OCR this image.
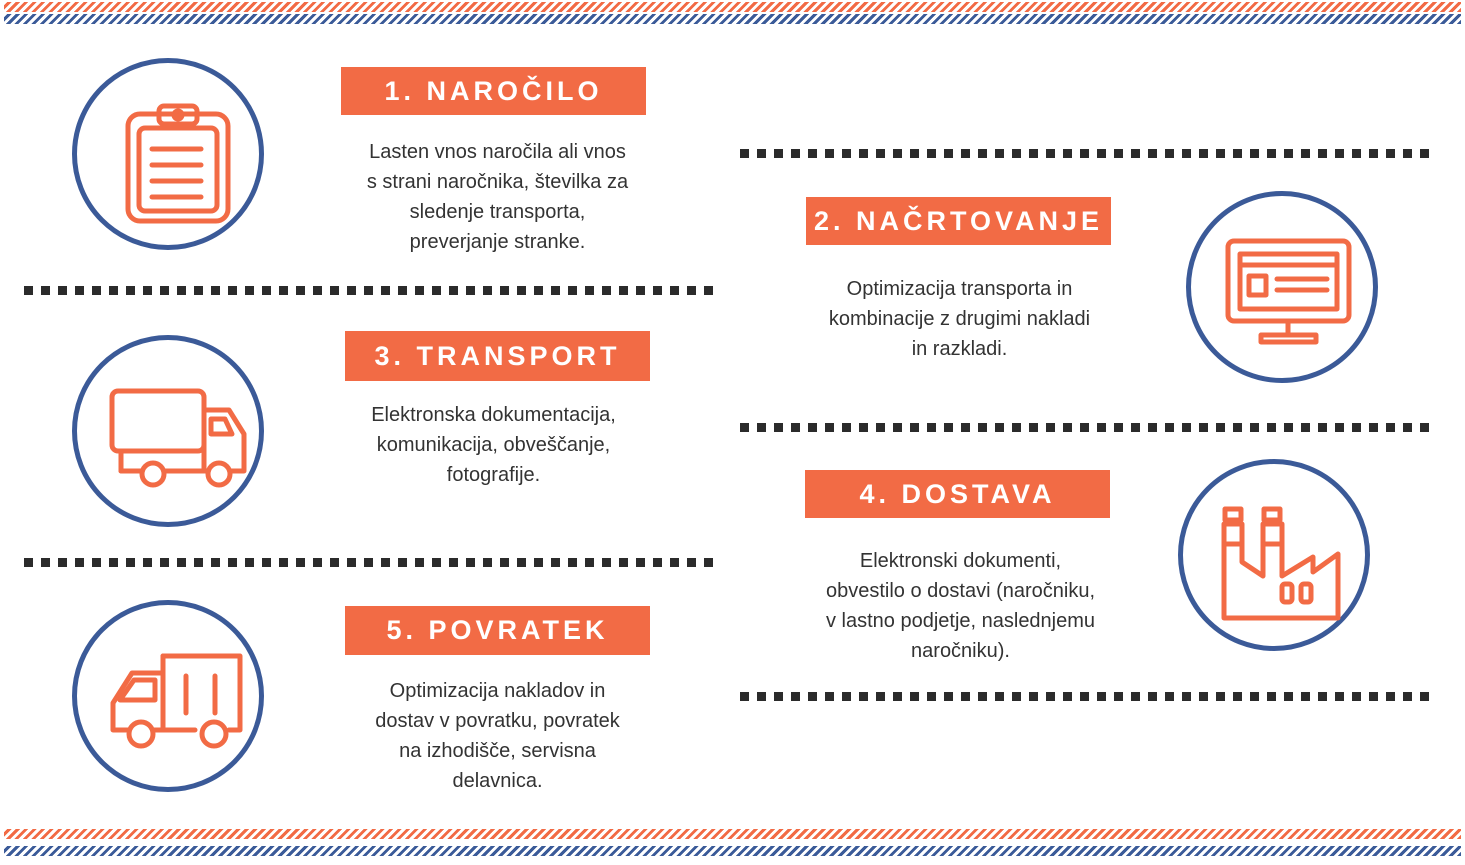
1. NAROČILO
Lasten vnos naročila ali vnos
s strani naročnika, številka za
sledenje transporta,
preverjanje stranke.
2. NAČRTOVANJE
Optimizacija transporta in
kombinacije z drugimi nakladi
in razkladi.
3. TRANSPORT
Elektronska dokumentacija,
komunikacija, obveščanje,
fotografije.
4. DOSTAVA
Elektronski dokumenti,
obvestilo o dostavi (naročniku,
v lastno podjetje, naslednjemu
naročniku).
5. POVRATEK
Optimizacija nakladov in
dostav v povratku, povratek
na izhodišče, servisna
delavnica.
